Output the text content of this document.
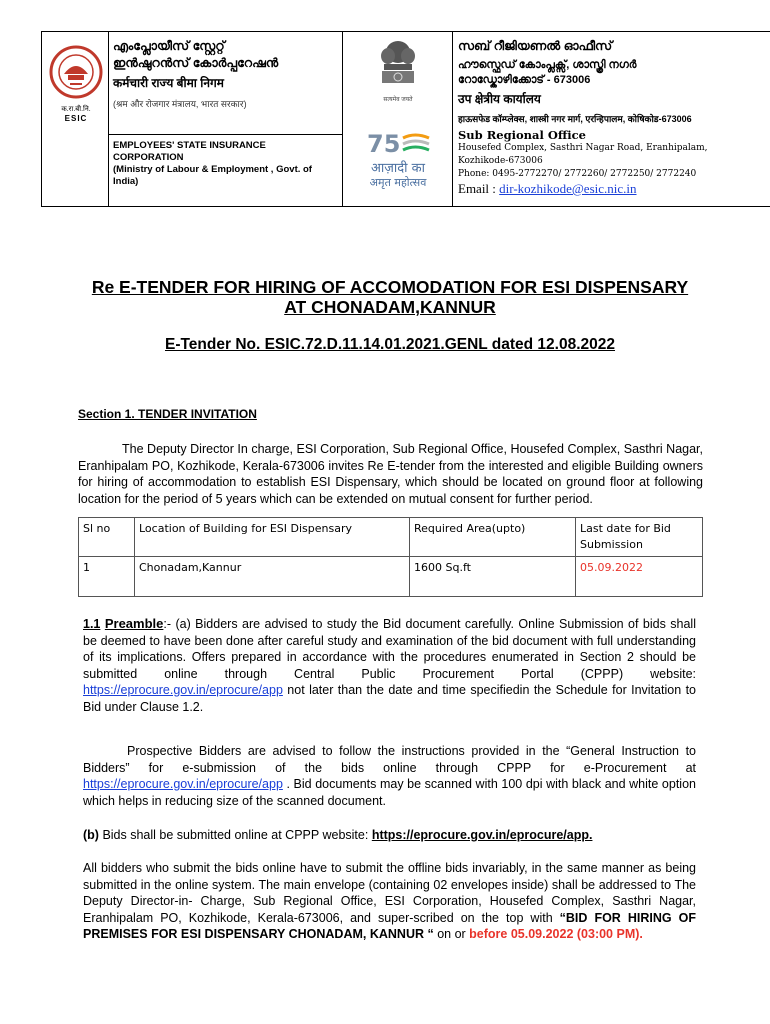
क.रा.बी.नि.
ESIC
എംപ്ലോയീസ് സ്റ്റേറ്റ്
ഇൻഷുറൻസ് കോർപ്പറേഷൻ
कर्मचारी राज्य बीमा निगम
(श्रम और रोजगार मंत्रालय, भारत सरकार)
EMPLOYEES' STATE INSURANCE CORPORATION
(Ministry of Labour & Employment , Govt. of India)
सत्यमेव जयते
75
आज़ादी का
अमृत महोत्सव
സബ് റീജിയണൽ ഓഫീസ്
ഹൗസ്ഫെഡ് കോംപ്ലക്സ്, ശാസ്ത്രി നഗർ
റോഡ്കോഴിക്കോട് - 673006
उप क्षेत्रीय कार्यालय
हाऊसफेड कॉम्प्लेक्स, शास्त्री नगर मार्ग, एरन्हिपालम, कोषिकोड-673006
Sub Regional Office
Housefed Complex, Sasthri Nagar Road, Eranhipalam,
Kozhikode-673006
Phone: 0495-2772270/ 2772260/ 2772250/ 2772240
Email : dir-kozhikode@esic.nic.in
Re E-TENDER FOR HIRING OF ACCOMODATION FOR ESI DISPENSARY AT CHONADAM,KANNUR
E-Tender No. ESIC.72.D.11.14.01.2021.GENL dated 12.08.2022
Section 1. TENDER INVITATION
The Deputy Director In charge, ESI Corporation, Sub Regional Office, Housefed Complex, Sasthri Nagar, Eranhipalam PO, Kozhikode, Kerala-673006 invites Re E-tender from the interested and eligible Building owners for hiring of accommodation to establish ESI Dispensary, which should be located on ground floor at following location for the period of 5 years which can be extended on mutual consent for further period.
Sl no	Location of Building for ESI Dispensary	Required Area(upto)	Last date for Bid Submission
1	Chonadam,Kannur	1600 Sq.ft	05.09.2022
1.1 Preamble:- (a) Bidders are advised to study the Bid document carefully. Online Submission of bids shall be deemed to have been done after careful study and examination of the bid document with full understanding of its implications. Offers prepared in accordance with the procedures enumerated in Section 2 should be submitted online through Central Public Procurement Portal (CPPP) website: https://eprocure.gov.in/eprocure/app not later than the date and time specifiedin the Schedule for Invitation to Bid under Clause 1.2.
Prospective Bidders are advised to follow the instructions provided in the “General Instruction to Bidders” for e-submission of the bids online through CPPP for e-Procurement at https://eprocure.gov.in/eprocure/app . Bid documents may be scanned with 100 dpi with black and white option which helps in reducing size of the scanned document.
(b) Bids shall be submitted online at CPPP website: https://eprocure.gov.in/eprocure/app.
All bidders who submit the bids online have to submit the offline bids invariably, in the same manner as being submitted in the online system. The main envelope (containing 02 envelopes inside) shall be addressed to The Deputy Director-in- Charge, Sub Regional Office, ESI Corporation, Housefed Complex, Sasthri Nagar, Eranhipalam PO, Kozhikode, Kerala-673006, and super-scribed on the top with “BID FOR HIRING OF PREMISES FOR ESI DISPENSARY CHONADAM, KANNUR “ on or before 05.09.2022 (03:00 PM).
